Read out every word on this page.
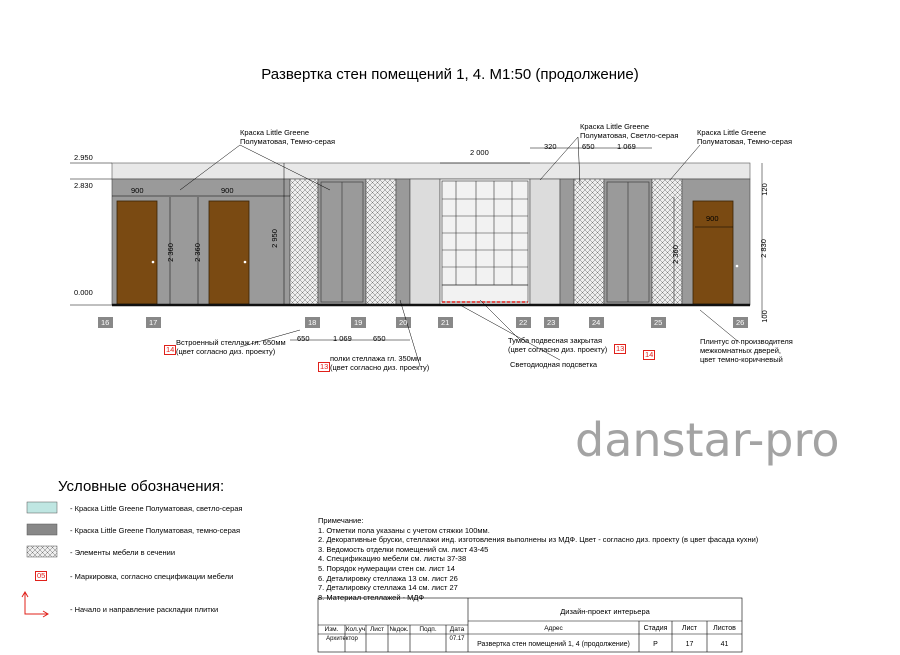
Развертка стен помещений 1, 4. М1:50 (продолжение)
2.950
2.830
0.000
900	900
900
2 360 2 360
2 950
2 360	2 830
120
100
2 000
320	650	1 069
650	1 069	650
16	17	18	19	20	21	22	23	24	25	26
Краска Little Greene
Полуматовая, Темно-серая
Краска Little Greene
Полуматовая, Светло-серая Краска Little Greene
Полуматовая, Темно-серая
Встроенный стеллаж гл. 650мм
(цвет согласно диз. проекту)
14
полки стеллажа гл. 350мм
(цвет согласно диз. проекту)
13
Тумба подвесная закрытая
(цвет согласно диз. проекту) 13
Светодиодная подсветка
14
Плинтус от производителя
межкомнатных дверей,
цвет темно-коричневый
danstar-pro
Условные обозначения:
- Краска Little Greene Полуматовая, светло-серая
- Краска Little Greene Полуматовая, темно-серая
- Элементы мебели в сечении
05	- Маркировка, согласно спецификации мебели
- Начало и направление раскладки плитки
Примечание:
1. Отметки пола указаны с учетом стяжки 100мм.
2. Декоративные бруски, стеллажи инд. изготовления выполнены из МДФ. Цвет - согласно диз. проекту (в цвет фасада кухни)
3. Ведомость отделки помещений см. лист 43-45
4. Спецификацию мебели см. листы 37-38
5. Порядок нумерации стен см. лист 14
6. Деталировку стеллажа 13 см. лист 26
7. Деталировку стеллажа 14 см. лист 27
8. Материал стеллажей - МДФ
Дизайн-проект интерьера
Адрес
Изм.	Кол.уч Лист №док.	Подп.	Дата
Архитектор	07.17
Развертка стен помещений 1, 4 (продолжение)
Стадия	Лист	Листов
Р	17	41
